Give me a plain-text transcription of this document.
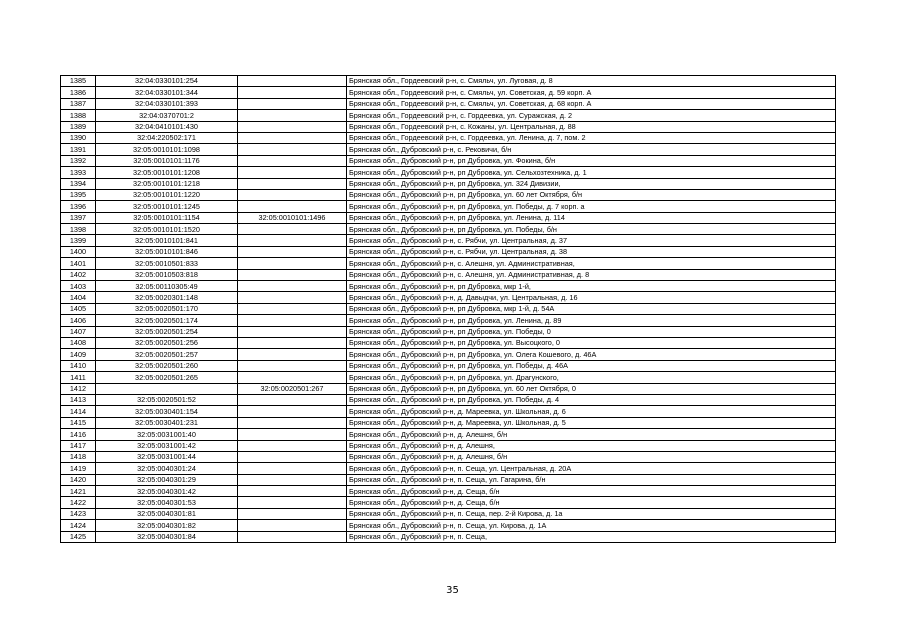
1385	32:04:0330101:254		Брянская обл., Гордеевский р-н, с. Смяльч, ул. Луговая, д. 8
1386	32:04:0330101:344		Брянская обл., Гордеевский р-н, с. Смяльч, ул. Советская, д. 59 корп. А
1387	32:04:0330101:393		Брянская обл., Гордеевский р-н, с. Смяльч, ул. Советская, д. 68 корп. А
1388	32:04:0370701:2		Брянская обл., Гордеевский р-н, с. Гордеевка, ул. Суражская, д. 2
1389	32:04:0410101:430		Брянская обл., Гордеевский р-н, с. Кожаны, ул. Центральная, д. 88
1390	32:04:220502:171		Брянская обл., Гордеевский р-н, с. Гордеевка, ул. Ленина, д. 7, пом. 2
1391	32:05:0010101:1098		Брянская обл., Дубровский р-н, с. Рековичи, б/н
1392	32:05:0010101:1176		Брянская обл., Дубровский р-н, рп Дубровка, ул. Фокина, б/н
1393	32:05:0010101:1208		Брянская обл., Дубровский р-н, рп Дубровка, ул. Сельхозтехника, д. 1
1394	32:05:0010101:1218		Брянская обл., Дубровский р-н, рп Дубровка, ул. 324 Дивизии,
1395	32:05:0010101:1220		Брянская обл., Дубровский р-н, рп Дубровка, ул. 60 лет Октября, б/н
1396	32:05:0010101:1245		Брянская обл., Дубровский р-н, рп Дубровка, ул. Победы, д. 7 корп. а
1397	32:05:0010101:1154	32:05:0010101:1496	Брянская обл., Дубровский р-н, рп Дубровка, ул. Ленина, д. 114
1398	32:05:0010101:1520		Брянская обл., Дубровский р-н, рп Дубровка, ул. Победы, б/н
1399	32:05:0010101:841		Брянская обл., Дубровский р-н, с. Рябчи, ул. Центральная, д. 37
1400	32:05:0010101:846		Брянская обл., Дубровский р-н, с. Рябчи, ул. Центральная, д. 38
1401	32:05:0010501:833		Брянская обл., Дубровский р-н, с. Алешня, ул. Административная,
1402	32:05:0010503:818		Брянская обл., Дубровский р-н, с. Алешня, ул. Административная, д. 8
1403	32:05:00110305:49		Брянская обл., Дубровский р-н, рп Дубровка, мкр 1-й,
1404	32:05:0020301:148		Брянская обл., Дубровский р-н, д. Давыдчи, ул. Центральная, д. 16
1405	32:05:0020501:170		Брянская обл., Дубровский р-н, рп Дубровка, мкр 1-й, д. 54А
1406	32:05:0020501:174		Брянская обл., Дубровский р-н, рп Дубровка, ул. Ленина, д. 89
1407	32:05:0020501:254		Брянская обл., Дубровский р-н, рп Дубровка, ул. Победы, 0
1408	32:05:0020501:256		Брянская обл., Дубровский р-н, рп Дубровка, ул. Высоцкого, 0
1409	32:05:0020501:257		Брянская обл., Дубровский р-н, рп Дубровка, ул. Олега Кошевого, д. 46А
1410	32:05:0020501:260		Брянская обл., Дубровский р-н, рп Дубровка, ул. Победы, д. 46А
1411	32:05:0020501:265		Брянская обл., Дубровский р-н, рп Дубровка, ул. Драгунского,
1412		32:05:0020501:267	Брянская обл., Дубровский р-н, рп Дубровка, ул. 60 лет Октября, 0
1413	32:05:0020501:52		Брянская обл., Дубровский р-н, рп Дубровка, ул. Победы, д. 4
1414	32:05:0030401:154		Брянская обл., Дубровский р-н, д. Мареевка, ул. Школьная, д. 6
1415	32:05:0030401:231		Брянская обл., Дубровский р-н, д. Мареевка, ул. Школьная, д. 5
1416	32:05:0031001:40		Брянская обл., Дубровский р-н, д. Алешня, б/н
1417	32:05:0031001:42		Брянская обл., Дубровский р-н, д. Алешня,
1418	32:05:0031001:44		Брянская обл., Дубровский р-н, д. Алешня, б/н
1419	32:05:0040301:24		Брянская обл., Дубровский р-н, п. Сеща, ул. Центральная, д. 20А
1420	32:05:0040301:29		Брянская обл., Дубровский р-н, п. Сеща, ул. Гагарина, б/н
1421	32:05:0040301:42		Брянская обл., Дубровский р-н, д. Сеща, б/н
1422	32:05:0040301:53		Брянская обл., Дубровский р-н, д. Сеща, б/н
1423	32:05:0040301:81		Брянская обл., Дубровский р-н, п. Сеща, пер. 2-й Кирова, д. 1а
1424	32:05:0040301:82		Брянская обл., Дубровский р-н, п. Сеща, ул. Кирова, д. 1А
1425	32:05:0040301:84		Брянская обл., Дубровский р-н, п. Сеща,
35
